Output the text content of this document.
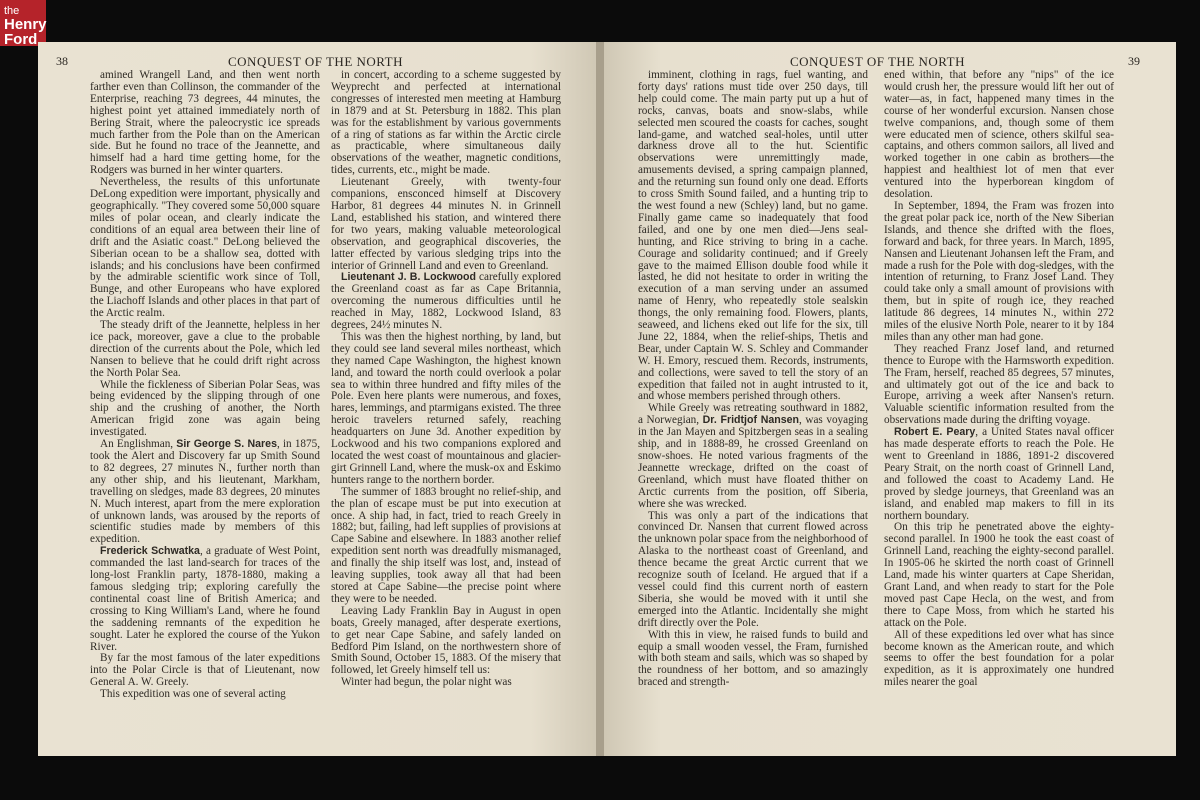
the
Henry
Ford
38	CONQUEST OF THE NORTH

amined Wrangell Land, and then went north farther even than Collinson, the commander of the Enterprise, reaching 73 degrees, 44 minutes, the highest point yet attained immediately north of Bering Strait, where the paleocrystic ice spreads much farther from the Pole than on the American side. But he found no trace of the Jeannette, and himself had a hard time getting home, for the Rodgers was burned in her winter quarters.

Nevertheless, the results of this unfortunate DeLong expedition were important, physically and geographically. "They covered some 50,000 square miles of polar ocean, and clearly indicate the conditions of an equal area between their line of drift and the Asiatic coast." DeLong believed the Siberian ocean to be a shallow sea, dotted with islands; and his conclusions have been confirmed by the admirable scientific work since of Toll, Bunge, and other Europeans who have explored the Liachoff Islands and other places in that part of the Arctic realm.

The steady drift of the Jeannette, helpless in her ice pack, moreover, gave a clue to the probable direction of the currents about the Pole, which led Nansen to believe that he could drift right across the North Polar Sea.

While the fickleness of Siberian Polar Seas, was being evidenced by the slipping through of one ship and the crushing of another, the North American frigid zone was again being investigated.

An Englishman, Sir George S. Nares, in 1875, took the Alert and Discovery far up Smith Sound to 82 degrees, 27 minutes N., further north than any other ship, and his lieutenant, Markham, travelling on sledges, made 83 degrees, 20 minutes N. Much interest, apart from the mere exploration of unknown lands, was aroused by the reports of scientific studies made by members of this expedition.

Frederick Schwatka, a graduate of West Point, commanded the last land-search for traces of the long-lost Franklin party, 1878-1880, making a famous sledging trip; exploring carefully the continental coast line of British America; and crossing to King William's Land, where he found the saddening remnants of the expedition he sought. Later he explored the course of the Yukon River.

By far the most famous of the later expeditions into the Polar Circle is that of Lieutenant, now General A. W. Greely.

This expedition was one of several acting

in concert, according to a scheme suggested by Weyprecht and perfected at international congresses of interested men meeting at Hamburg in 1879 and at St. Petersburg in 1882. This plan was for the establishment by various governments of a ring of stations as far within the Arctic circle as practicable, where simultaneous daily observations of the weather, magnetic conditions, tides, currents, etc., might be made.

Lieutenant Greely, with twenty-four companions, ensconced himself at Discovery Harbor, 81 degrees 44 minutes N. in Grinnell Land, established his station, and wintered there for two years, making valuable meteorological observation, and geographical discoveries, the latter effected by various sledging trips into the interior of Grinnell Land and even to Greenland.

Lieutenant J. B. Lockwood carefully explored the Greenland coast as far as Cape Britannia, overcoming the numerous difficulties until he reached in May, 1882, Lockwood Island, 83 degrees, 24½ minutes N.

This was then the highest northing, by land, but they could see land several miles northeast, which they named Cape Washington, the highest known land, and toward the north could overlook a polar sea to within three hundred and fifty miles of the Pole. Even here plants were numerous, and foxes, hares, lemmings, and ptarmigans existed. The three heroic travelers returned safely, reaching headquarters on June 3d. Another expedition by Lockwood and his two companions explored and located the west coast of mountainous and glacier-girt Grinnell Land, where the musk-ox and Eskimo hunters range to the northern border.

The summer of 1883 brought no relief-ship, and the plan of escape must be put into execution at once. A ship had, in fact, tried to reach Greely in 1882; but, failing, had left supplies of provisions at Cape Sabine and elsewhere. In 1883 another relief expedition sent north was dreadfully mismanaged, and finally the ship itself was lost, and, instead of leaving supplies, took away all that had been stored at Cape Sabine—the precise point where they were to be needed.

Leaving Lady Franklin Bay in August in open boats, Greely managed, after desperate exertions, to get near Cape Sabine, and safely landed on Bedford Pim Island, on the northwestern shore of Smith Sound, October 15, 1883. Of the misery that followed, let Greely himself tell us:

Winter had begun, the polar night was

CONQUEST OF THE NORTH	39

imminent, clothing in rags, fuel wanting, and forty days' rations must tide over 250 days, till help could come. The main party put up a hut of rocks, canvas, boats and snow-slabs, while selected men scoured the coasts for caches, sought land-game, and watched seal-holes, until utter darkness drove all to the hut. Scientific observations were unremittingly made, amusements devised, a spring campaign planned, and the returning sun found only one dead. Efforts to cross Smith Sound failed, and a hunting trip to the west found a new (Schley) land, but no game. Finally game came so inadequately that food failed, and one by one men died—Jens seal-hunting, and Rice striving to bring in a cache. Courage and solidarity continued; and if Greely gave to the maimed Ellison double food while it lasted, he did not hesitate to order in writing the execution of a man serving under an assumed name of Henry, who repeatedly stole sealskin thongs, the only remaining food. Flowers, plants, seaweed, and lichens eked out life for the six, till June 22, 1884, when the relief-ships, Thetis and Bear, under Captain W. S. Schley and Commander W. H. Emory, rescued them. Records, instruments, and collections, were saved to tell the story of an expedition that failed not in aught intrusted to it, and whose members perished through others.

While Greely was retreating southward in 1882, a Norwegian, Dr. Fridtjof Nansen, was voyaging in the Jan Mayen and Spitzbergen seas in a sealing ship, and in 1888-89, he crossed Greenland on snow-shoes. He noted various fragments of the Jeannette wreckage, drifted on the coast of Greenland, which must have floated thither on Arctic currents from the position, off Siberia, where she was wrecked.

This was only a part of the indications that convinced Dr. Nansen that current flowed across the unknown polar space from the neighborhood of Alaska to the northeast coast of Greenland, and thence became the great Arctic current that we recognize south of Iceland. He argued that if a vessel could find this current north of eastern Siberia, she would be moved with it until she emerged into the Atlantic. Incidentally she might drift directly over the Pole.

With this in view, he raised funds to build and equip a small wooden vessel, the Fram, furnished with both steam and sails, which was so shaped by the roundness of her bottom, and so amazingly braced and strength-

ened within, that before any "nips" of the ice would crush her, the pressure would lift her out of water—as, in fact, happened many times in the course of her wonderful excursion. Nansen chose twelve companions, and, though some of them were educated men of science, others skilful sea-captains, and others common sailors, all lived and worked together in one cabin as brothers—the happiest and healthiest lot of men that ever ventured into the hyperborean kingdom of desolation.

In September, 1894, the Fram was frozen into the great polar pack ice, north of the New Siberian Islands, and thence she drifted with the floes, forward and back, for three years. In March, 1895, Nansen and Lieutenant Johansen left the Fram, and made a rush for the Pole with dog-sledges, with the intention of returning, to Franz Josef Land. They could take only a small amount of provisions with them, but in spite of rough ice, they reached latitude 86 degrees, 14 minutes N., within 272 miles of the elusive North Pole, nearer to it by 184 miles than any other man had gone.

They reached Franz Josef land, and returned thence to Europe with the Harmsworth expedition. The Fram, herself, reached 85 degrees, 57 minutes, and ultimately got out of the ice and back to Europe, arriving a week after Nansen's return. Valuable scientific information resulted from the observations made during the drifting voyage.

Robert E. Peary, a United States naval officer has made desperate efforts to reach the Pole. He went to Greenland in 1886, 1891-2 discovered Peary Strait, on the north coast of Grinnell Land, and followed the coast to Academy Land. He proved by sledge journeys, that Greenland was an island, and enabled map makers to fill in its northern boundary.

On this trip he penetrated above the eighty-second parallel. In 1900 he took the east coast of Grinnell Land, reaching the eighty-second parallel. In 1905-06 he skirted the north coast of Grinnell Land, made his winter quarters at Cape Sheridan, Grant Land, and when ready to start for the Pole moved past Cape Hecla, on the west, and from there to Cape Moss, from which he started his attack on the Pole.

All of these expeditions led over what has since become known as the American route, and which seems to offer the best foundation for a polar expedition, as it is approximately one hundred miles nearer the goal
